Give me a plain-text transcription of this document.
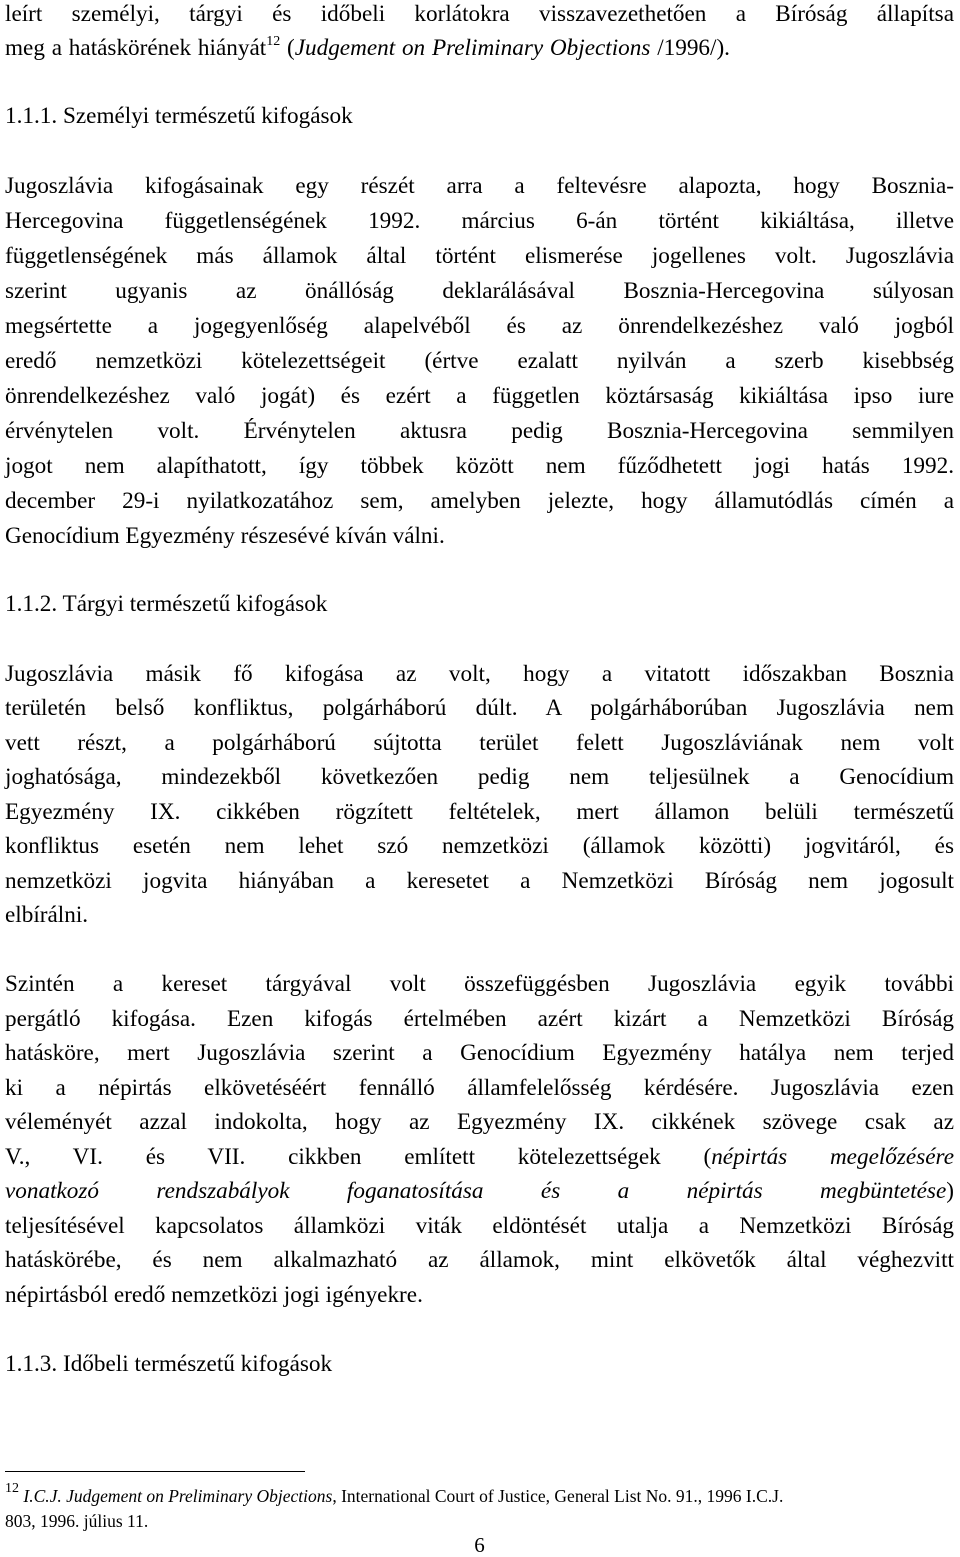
leírt személyi, tárgyi és időbeli korlátokra visszavezethetően a Bíróság állapítsa
meg a hatáskörének hiányát$^{12}$ (Judgement on Preliminary Objections /1996/).
1.1.1. Személyi természetű kifogások
Jugoszlávia kifogásainak egy részét arra a feltevésre alapozta, hogy Bosznia-
Hercegovina függetlenségének 1992. március 6-án történt kikiáltása, illetve
függetlenségének más államok által történt elismerése jogellenes volt. Jugoszlávia
szerint ugyanis az önállóság deklarálásával Bosznia-Hercegovina súlyosan
megsértette a jogegyenlőség alapelvéből és az önrendelkezéshez való jogból
eredő nemzetközi kötelezettségeit (értve ezalatt nyilván a szerb kisebbség
önrendelkezéshez való jogát) és ezért a független köztársaság kikiáltása ipso iure
érvénytelen volt. Érvénytelen aktusra pedig Bosznia-Hercegovina semmilyen
jogot nem alapíthatott, így többek között nem fűződhetett jogi hatás 1992.
december 29-i nyilatkozatához sem, amelyben jelezte, hogy államutódlás címén a
Genocídium Egyezmény részesévé kíván válni.
1.1.2. Tárgyi természetű kifogások
Jugoszlávia másik fő kifogása az volt, hogy a vitatott időszakban Bosznia
területén belső konfliktus, polgárháború dúlt. A polgárháborúban Jugoszlávia nem
vett részt, a polgárháború sújtotta terület felett Jugoszláviának nem volt
joghatósága, mindezekből következően pedig nem teljesülnek a Genocídium
Egyezmény IX. cikkében rögzített feltételek, mert államon belüli természetű
konfliktus esetén nem lehet szó nemzetközi (államok közötti) jogvitáról, és
nemzetközi jogvita hiányában a keresetet a Nemzetközi Bíróság nem jogosult
elbírálni.
Szintén a kereset tárgyával volt összefüggésben Jugoszlávia egyik további
pergátló kifogása. Ezen kifogás értelmében azért kizárt a Nemzetközi Bíróság
hatásköre, mert Jugoszlávia szerint a Genocídium Egyezmény hatálya nem terjed
ki a népirtás elkövetéséért fennálló államfelelősség kérdésére. Jugoszlávia ezen
véleményét azzal indokolta, hogy az Egyezmény IX. cikkének szövege csak az
V., VI. és VII. cikkben említett kötelezettségek (népirtás megelőzésére
vonatkozó rendszabályok foganatosítása és a népirtás megbüntetése)
teljesítésével kapcsolatos államközi viták eldöntését utalja a Nemzetközi Bíróság
hatáskörébe, és nem alkalmazható az államok, mint elkövetők által véghezvitt
népirtásból eredő nemzetközi jogi igényekre.
1.1.3. Időbeli természetű kifogások
$^{12}$ I.C.J. Judgement on Preliminary Objections, International Court of Justice, General List No. 91., 1996 I.C.J.
803, 1996. július 11.
6
